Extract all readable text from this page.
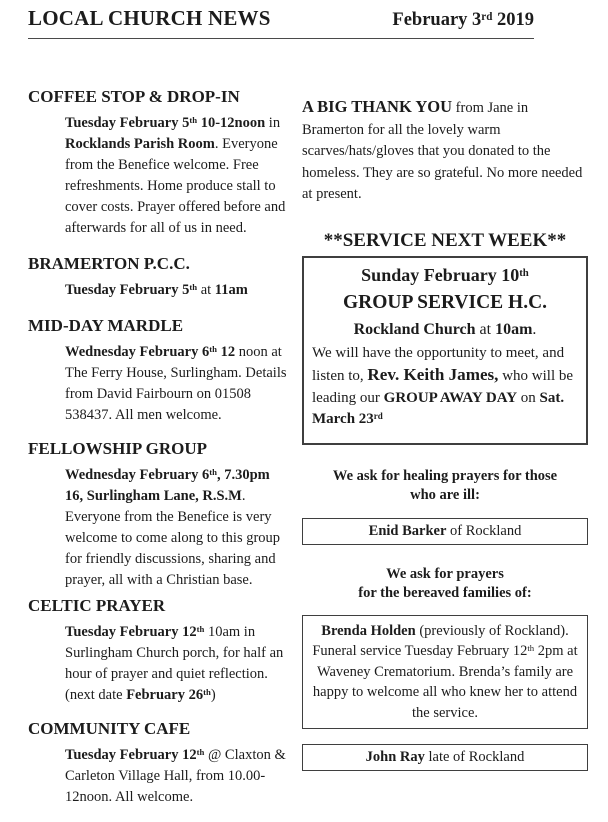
LOCAL CHURCH NEWS	February 3rd 2019
COFFEE STOP & DROP-IN
Tuesday February 5th 10-12noon in Rocklands Parish Room. Everyone from the Benefice welcome. Free refreshments. Home produce stall to cover costs. Prayer offered before and afterwards for all of us in need.
BRAMERTON P.C.C.
Tuesday February 5th at 11am
MID-DAY MARDLE
Wednesday February 6th 12 noon at The Ferry House, Surlingham. Details from David Fairbourn on 01508 538437. All men welcome.
FELLOWSHIP GROUP
Wednesday February 6th, 7.30pm
16, Surlingham Lane, R.S.M. Everyone from the Benefice is very welcome to come along to this group for friendly discussions, sharing and prayer, all with a Christian base.
CELTIC PRAYER
Tuesday February 12th 10am in Surlingham Church porch, for half an hour of prayer and quiet reflection. (next date February 26th)
COMMUNITY CAFE
Tuesday February 12th @ Claxton & Carleton Village Hall, from 10.00-12noon. All welcome.
A BIG THANK YOU from Jane in Bramerton for all the lovely warm scarves/hats/gloves that you donated to the homeless. They are so grateful. No more needed at present.
**SERVICE NEXT WEEK**
Sunday February 10th
GROUP SERVICE H.C.
Rockland Church at 10am.
We will have the opportunity to meet, and listen to, Rev. Keith James, who will be leading our GROUP AWAY DAY on Sat. March 23rd
We ask for healing prayers for those
who are ill:
Enid Barker of Rockland
We ask for prayers
for the bereaved families of:
Brenda Holden (previously of Rockland). Funeral service Tuesday February 12th 2pm at Waveney Crematorium. Brenda’s family are happy to welcome all who knew her to attend the service.
John Ray late of Rockland
